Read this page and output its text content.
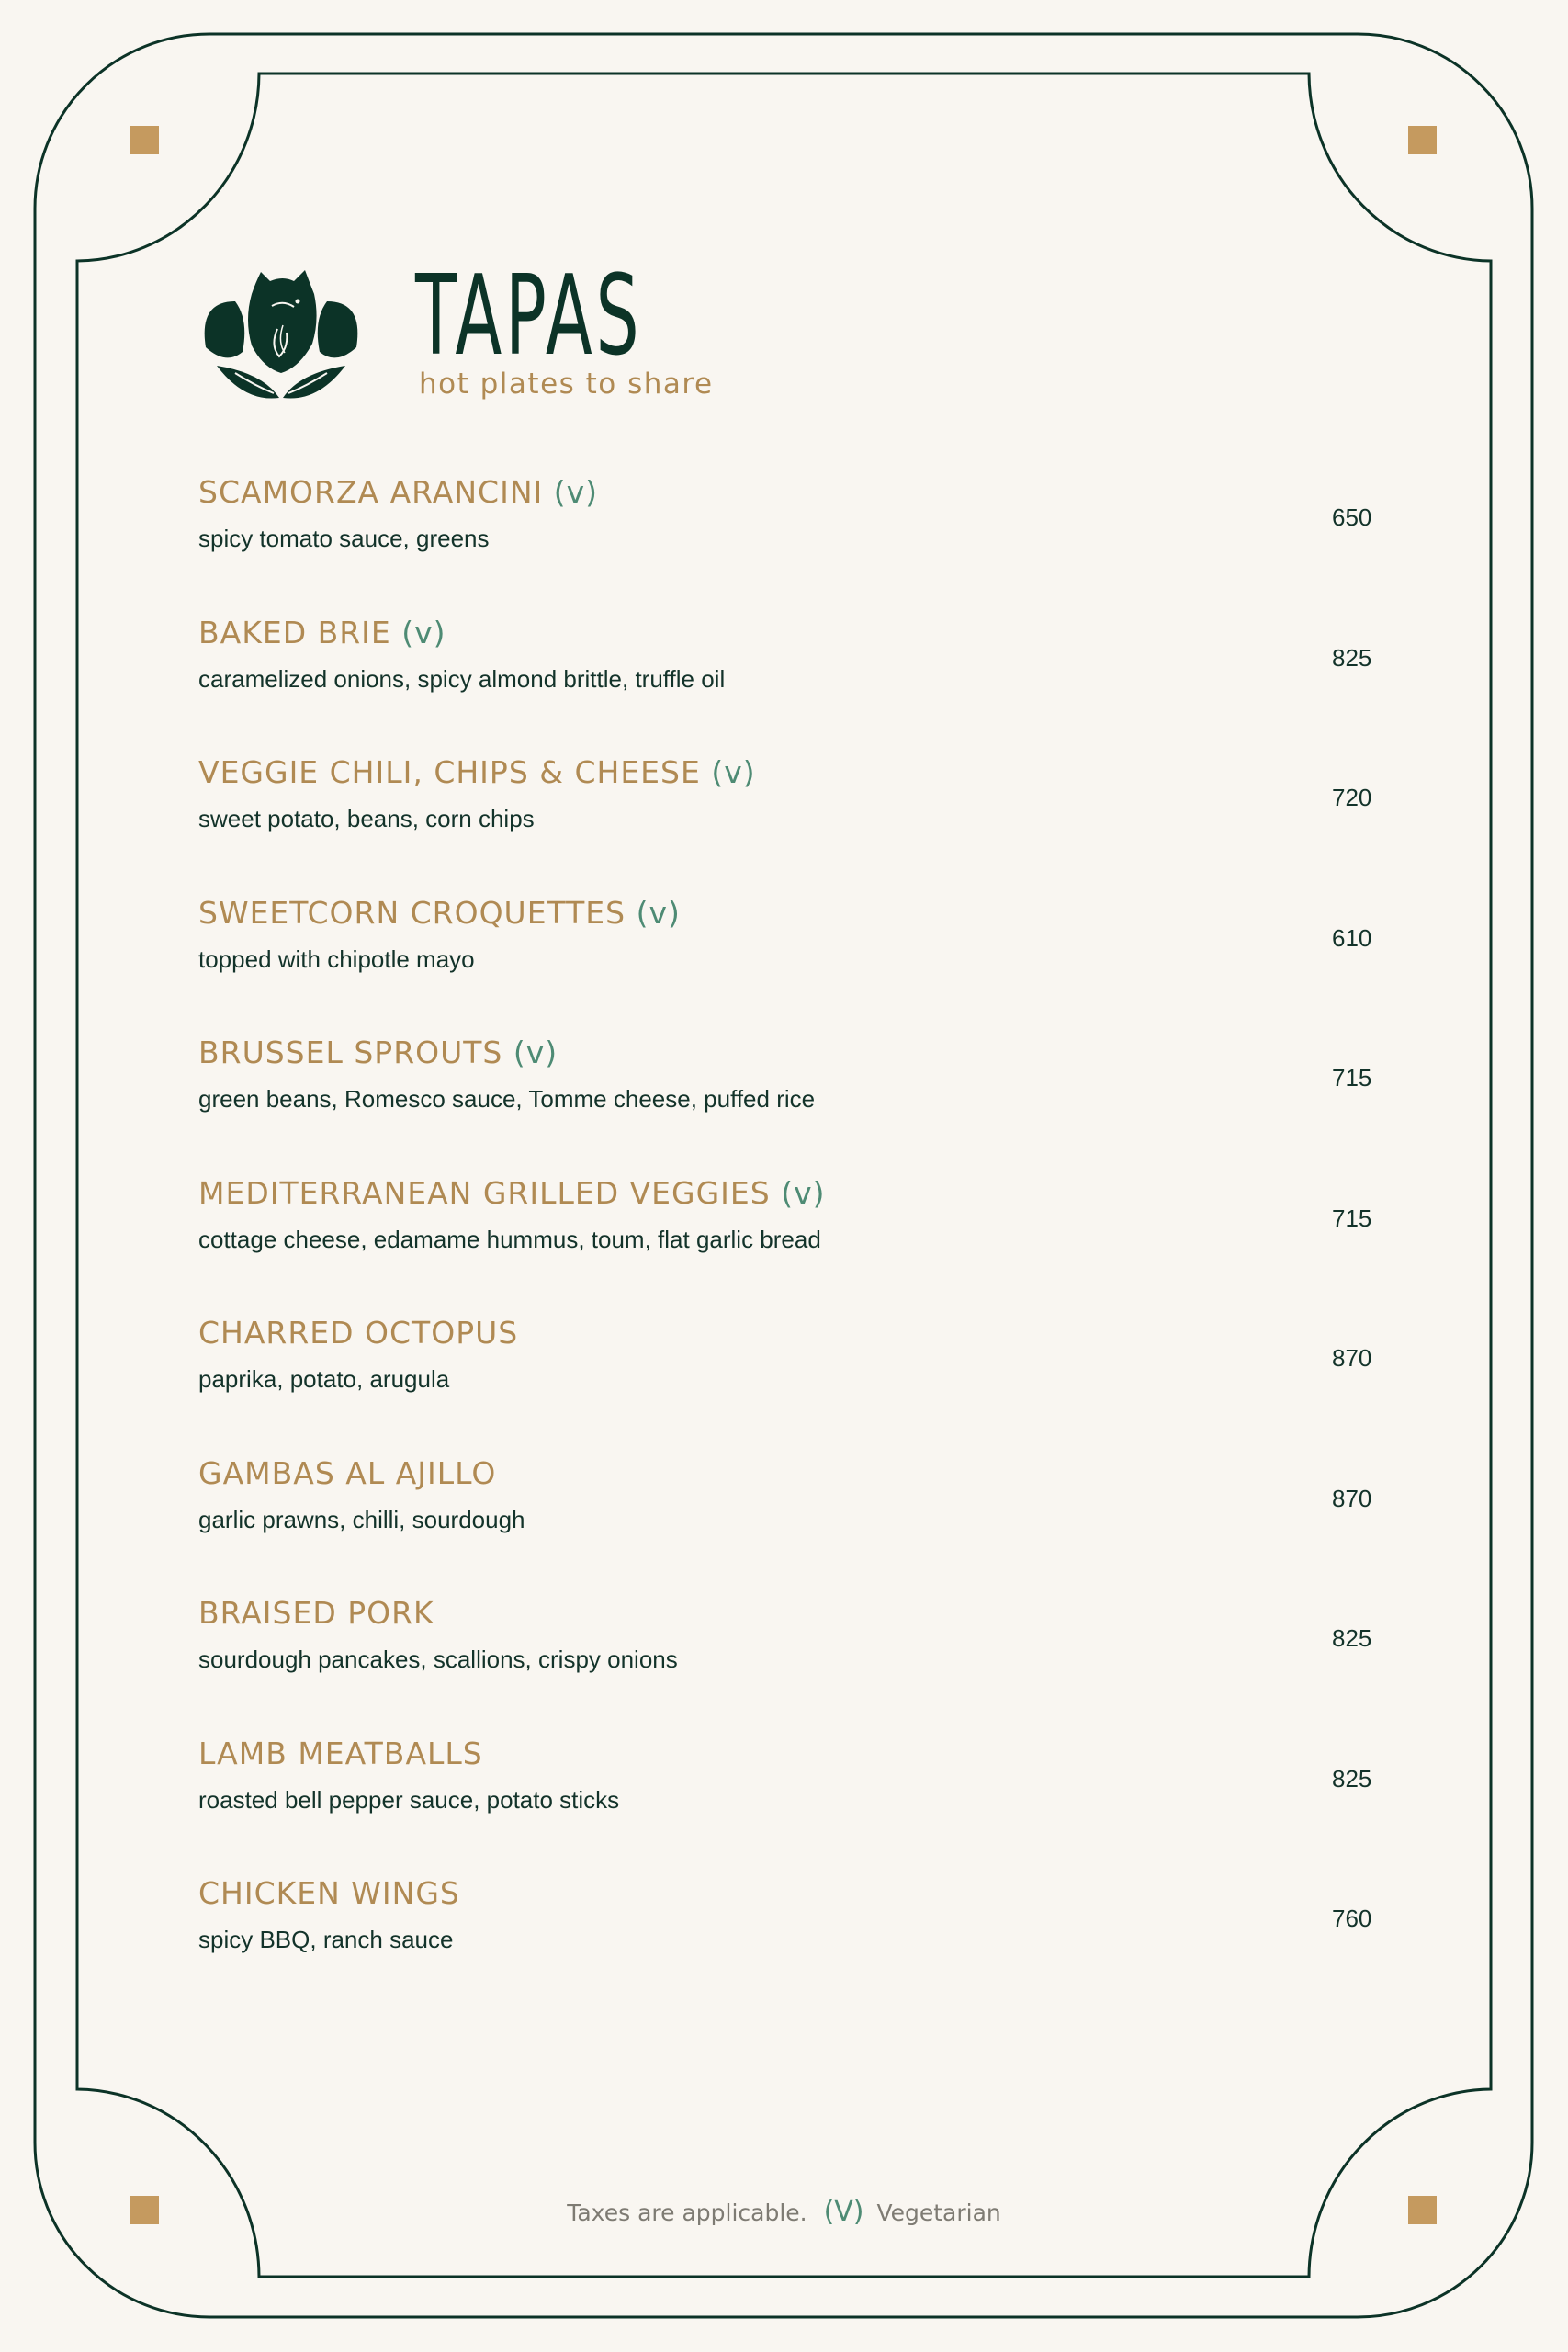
TAPAS

hot plates to share

SCAMORZA ARANCINI (v)

spicy tomato sauce, greens

650

BAKED BRIE (v)

caramelized onions, spicy almond brittle, truffle oil

825

VEGGIE CHILI, CHIPS & CHEESE (v)

sweet potato, beans, corn chips

720

SWEETCORN CROQUETTES (v)

topped with chipotle mayo

610

BRUSSEL SPROUTS (v)

green beans, Romesco sauce, Tomme cheese, puffed rice

715

MEDITERRANEAN GRILLED VEGGIES (v)

cottage cheese, edamame hummus, toum, flat garlic bread

715

CHARRED OCTOPUS

paprika, potato, arugula

870

GAMBAS AL AJILLO

garlic prawns, chilli, sourdough

870

BRAISED PORK

sourdough pancakes, scallions, crispy onions

825

LAMB MEATBALLS

roasted bell pepper sauce, potato sticks

825

CHICKEN WINGS

spicy BBQ, ranch sauce

760

Taxes are applicable. (V) Vegetarian
